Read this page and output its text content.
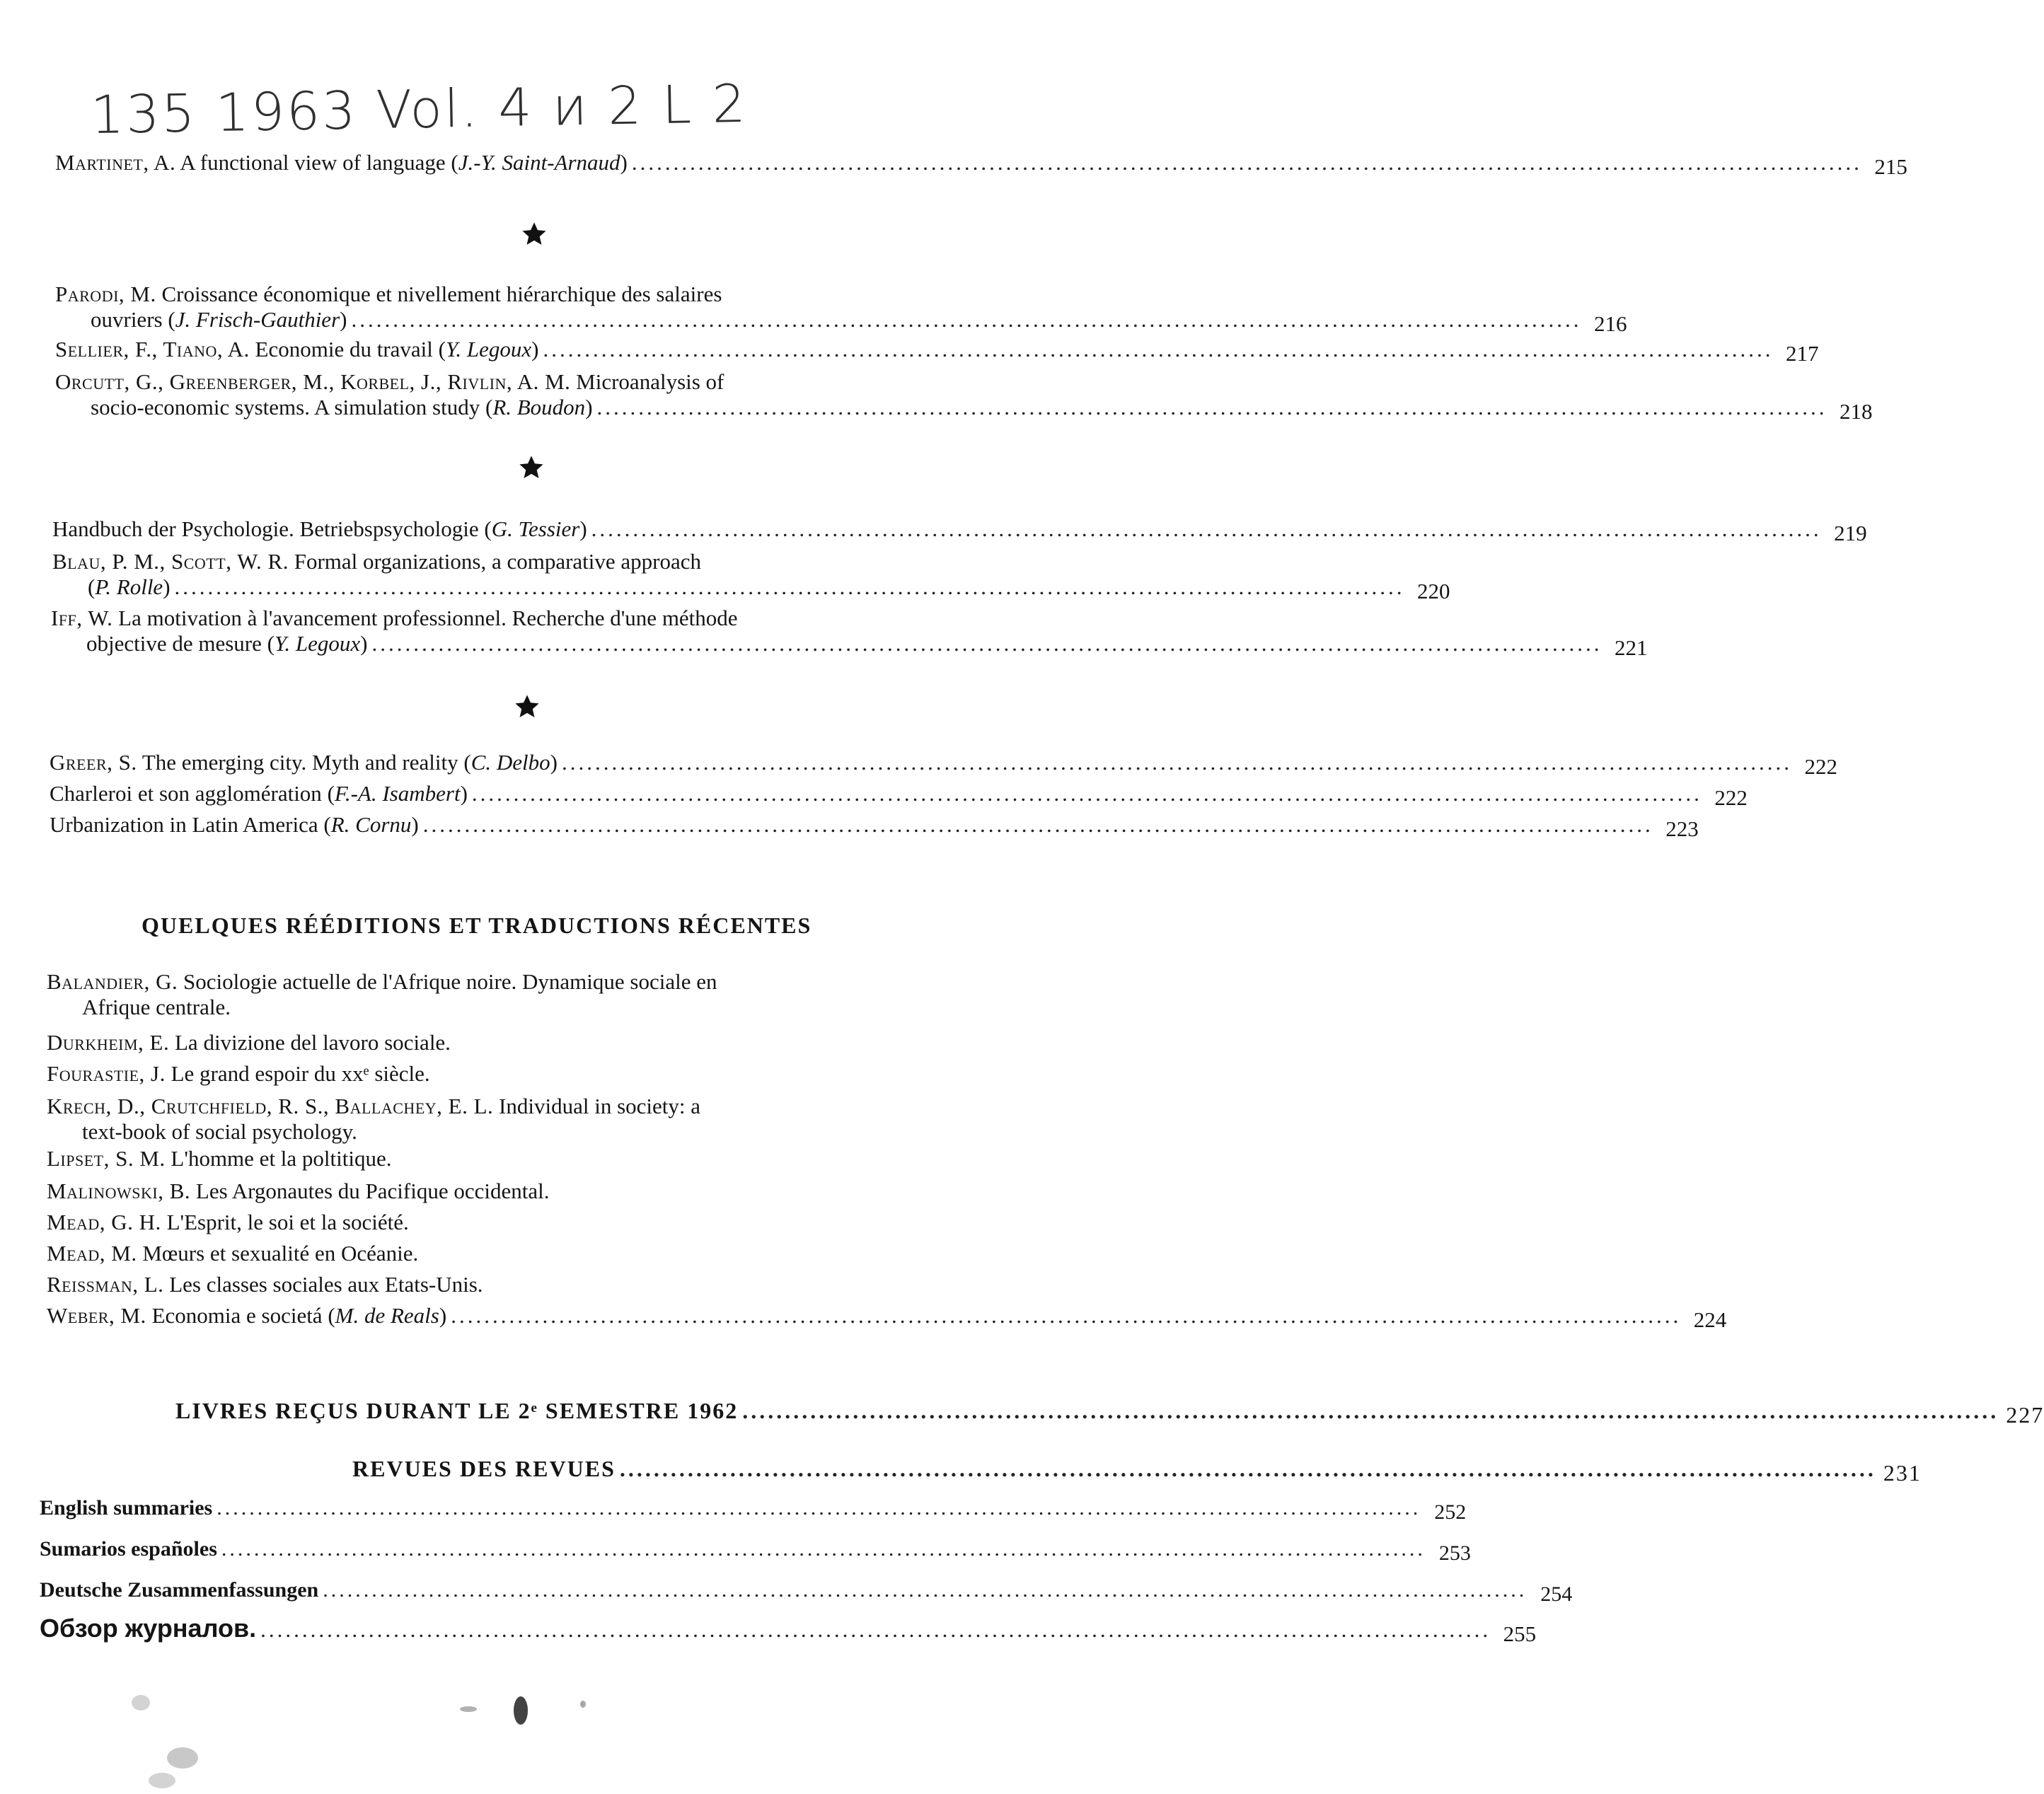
135 1963 Vol. 4 и 2 L 2
Martinet, A. A functional view of language (J.-Y. Saint-Arnaud) .................................................................................................................................................... 215
Parodi, M. Croissance économique et nivellement hiérarchique des salaires
ouvriers (J. Frisch-Gauthier) .................................................................................................................................................... 216
Sellier, F., Tiano, A. Economie du travail (Y. Legoux) .................................................................................................................................................... 217
Orcutt, G., Greenberger, M., Korbel, J., Rivlin, A. M. Microanalysis of
socio-economic systems. A simulation study (R. Boudon) .................................................................................................................................................... 218
Handbuch der Psychologie. Betriebspsychologie (G. Tessier) .................................................................................................................................................... 219
Blau, P. M., Scott, W. R. Formal organizations, a comparative approach
(P. Rolle) .................................................................................................................................................... 220
Iff, W. La motivation à l'avancement professionnel. Recherche d'une méthode
objective de mesure (Y. Legoux) .................................................................................................................................................... 221
Greer, S. The emerging city. Myth and reality (C. Delbo) .................................................................................................................................................... 222
Charleroi et son agglomération (F.-A. Isambert) .................................................................................................................................................... 222
Urbanization in Latin America (R. Cornu) .................................................................................................................................................... 223
QUELQUES RÉÉDITIONS ET TRADUCTIONS RÉCENTES
Balandier, G. Sociologie actuelle de l'Afrique noire. Dynamique sociale en
Afrique centrale.
Durkheim, E. La divizione del lavoro sociale.
Fourastie, J. Le grand espoir du xxᵉ siècle.
Krech, D., Crutchfield, R. S., Ballachey, E. L. Individual in society: a
text-book of social psychology.
Lipset, S. M. L'homme et la poltitique.
Malinowski, B. Les Argonautes du Pacifique occidental.
Mead, G. H. L'Esprit, le soi et la société.
Mead, M. Mœurs et sexualité en Océanie.
Reissman, L. Les classes sociales aux Etats-Unis.
Weber, M. Economia e societá (M. de Reals) .................................................................................................................................................... 224
LIVRES REÇUS DURANT LE 2ᵉ SEMESTRE 1962 .................................................................................................................................................... 227
REVUES DES REVUES .................................................................................................................................................... 231
English summaries .................................................................................................................................................... 252
Sumarios españoles .................................................................................................................................................... 253
Deutsche Zusammenfassungen .................................................................................................................................................... 254
Обзор журналов. .................................................................................................................................................... 255
